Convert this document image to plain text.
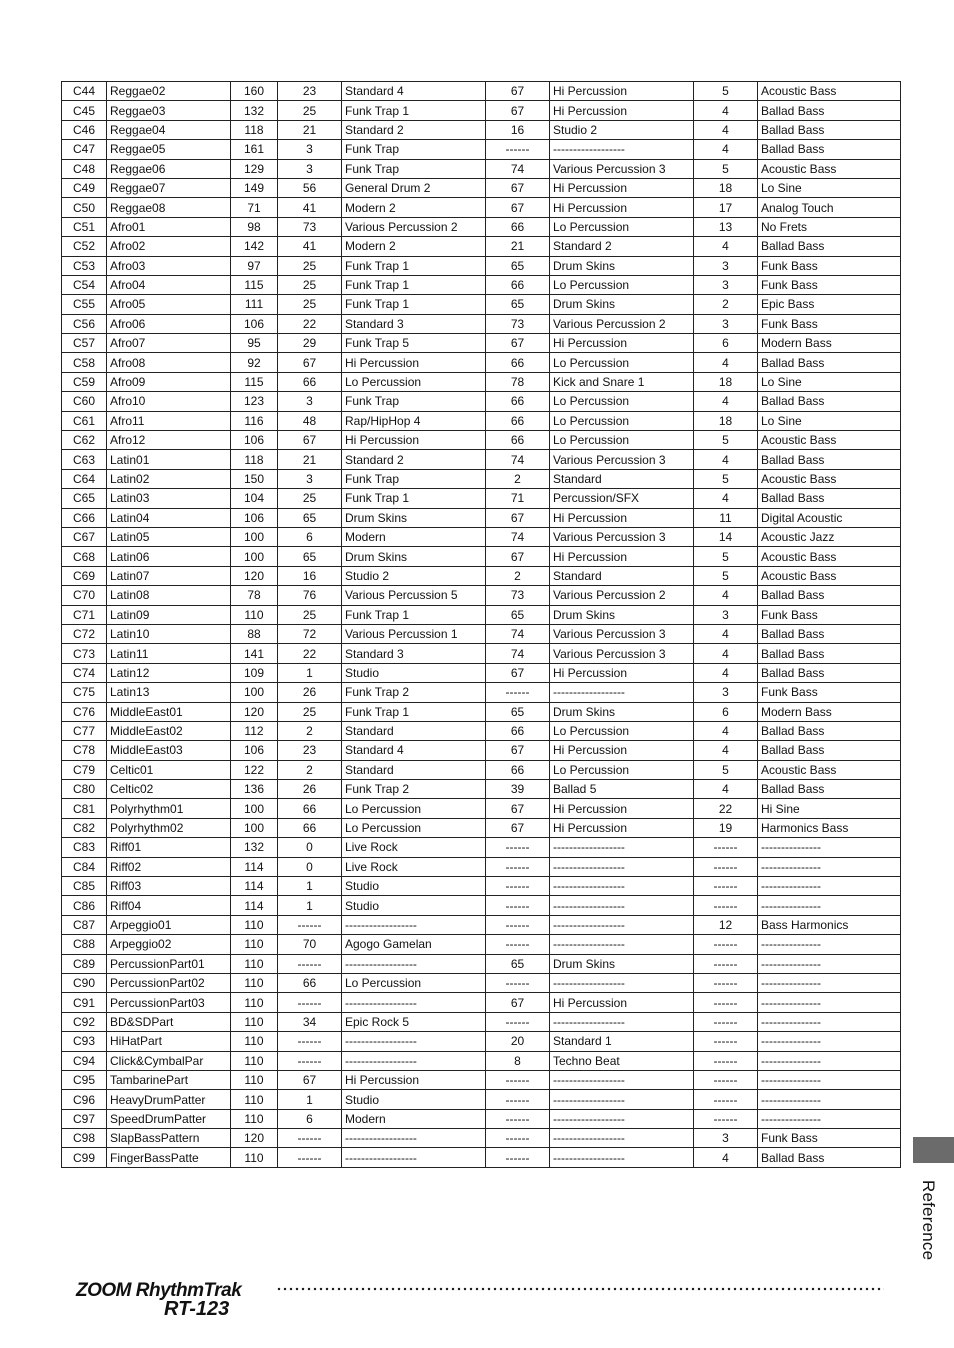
C44	Reggae02	160	23	Standard 4	67	Hi Percussion	5	Acoustic Bass
C45	Reggae03	132	25	Funk Trap 1	67	Hi Percussion	4	Ballad Bass
C46	Reggae04	118	21	Standard 2	16	Studio 2	4	Ballad Bass
C47	Reggae05	161	3	Funk Trap	------	------------------	4	Ballad Bass
C48	Reggae06	129	3	Funk Trap	74	Various Percussion 3	5	Acoustic Bass
C49	Reggae07	149	56	General Drum 2	67	Hi Percussion	18	Lo Sine
C50	Reggae08	71	41	Modern 2	67	Hi Percussion	17	Analog Touch
C51	Afro01	98	73	Various Percussion 2	66	Lo Percussion	13	No Frets
C52	Afro02	142	41	Modern 2	21	Standard 2	4	Ballad Bass
C53	Afro03	97	25	Funk Trap 1	65	Drum Skins	3	Funk Bass
C54	Afro04	115	25	Funk Trap 1	66	Lo Percussion	3	Funk Bass
C55	Afro05	111	25	Funk Trap 1	65	Drum Skins	2	Epic Bass
C56	Afro06	106	22	Standard 3	73	Various Percussion 2	3	Funk Bass
C57	Afro07	95	29	Funk Trap 5	67	Hi Percussion	6	Modern Bass
C58	Afro08	92	67	Hi Percussion	66	Lo Percussion	4	Ballad Bass
C59	Afro09	115	66	Lo Percussion	78	Kick and Snare 1	18	Lo Sine
C60	Afro10	123	3	Funk Trap	66	Lo Percussion	4	Ballad Bass
C61	Afro11	116	48	Rap/HipHop 4	66	Lo Percussion	18	Lo Sine
C62	Afro12	106	67	Hi Percussion	66	Lo Percussion	5	Acoustic Bass
C63	Latin01	118	21	Standard 2	74	Various Percussion 3	4	Ballad Bass
C64	Latin02	150	3	Funk Trap	2	Standard	5	Acoustic Bass
C65	Latin03	104	25	Funk Trap 1	71	Percussion/SFX	4	Ballad Bass
C66	Latin04	106	65	Drum Skins	67	Hi Percussion	11	Digital Acoustic
C67	Latin05	100	6	Modern	74	Various Percussion 3	14	Acoustic Jazz
C68	Latin06	100	65	Drum Skins	67	Hi Percussion	5	Acoustic Bass
C69	Latin07	120	16	Studio 2	2	Standard	5	Acoustic Bass
C70	Latin08	78	76	Various Percussion 5	73	Various Percussion 2	4	Ballad Bass
C71	Latin09	110	25	Funk Trap 1	65	Drum Skins	3	Funk Bass
C72	Latin10	88	72	Various Percussion 1	74	Various Percussion 3	4	Ballad Bass
C73	Latin11	141	22	Standard 3	74	Various Percussion 3	4	Ballad Bass
C74	Latin12	109	1	Studio	67	Hi Percussion	4	Ballad Bass
C75	Latin13	100	26	Funk Trap 2	------	------------------	3	Funk Bass
C76	MiddleEast01	120	25	Funk Trap 1	65	Drum Skins	6	Modern Bass
C77	MiddleEast02	112	2	Standard	66	Lo Percussion	4	Ballad Bass
C78	MiddleEast03	106	23	Standard 4	67	Hi Percussion	4	Ballad Bass
C79	Celtic01	122	2	Standard	66	Lo Percussion	5	Acoustic Bass
C80	Celtic02	136	26	Funk Trap 2	39	Ballad 5	4	Ballad Bass
C81	Polyrhythm01	100	66	Lo Percussion	67	Hi Percussion	22	Hi Sine
C82	Polyrhythm02	100	66	Lo Percussion	67	Hi Percussion	19	Harmonics Bass
C83	Riff01	132	0	Live Rock	------	------------------	------	---------------
C84	Riff02	114	0	Live Rock	------	------------------	------	---------------
C85	Riff03	114	1	Studio	------	------------------	------	---------------
C86	Riff04	114	1	Studio	------	------------------	------	---------------
C87	Arpeggio01	110	------	------------------	------	------------------	12	Bass Harmonics
C88	Arpeggio02	110	70	Agogo Gamelan	------	------------------	------	---------------
C89	PercussionPart01	110	------	------------------	65	Drum Skins	------	---------------
C90	PercussionPart02	110	66	Lo Percussion	------	------------------	------	---------------
C91	PercussionPart03	110	------	------------------	67	Hi Percussion	------	---------------
C92	BD&SDPart	110	34	Epic Rock 5	------	------------------	------	---------------
C93	HiHatPart	110	------	------------------	20	Standard 1	------	---------------
C94	Click&CymbalPar	110	------	------------------	8	Techno Beat	------	---------------
C95	TambarinePart	110	67	Hi Percussion	------	------------------	------	---------------
C96	HeavyDrumPatter	110	1	Studio	------	------------------	------	---------------
C97	SpeedDrumPatter	110	6	Modern	------	------------------	------	---------------
C98	SlapBassPattern	120	------	------------------	------	------------------	3	Funk Bass
C99	FingerBassPatte	110	------	------------------	------	------------------	4	Ballad Bass
Reference
ZOOM RhythmTrak
RT-123
